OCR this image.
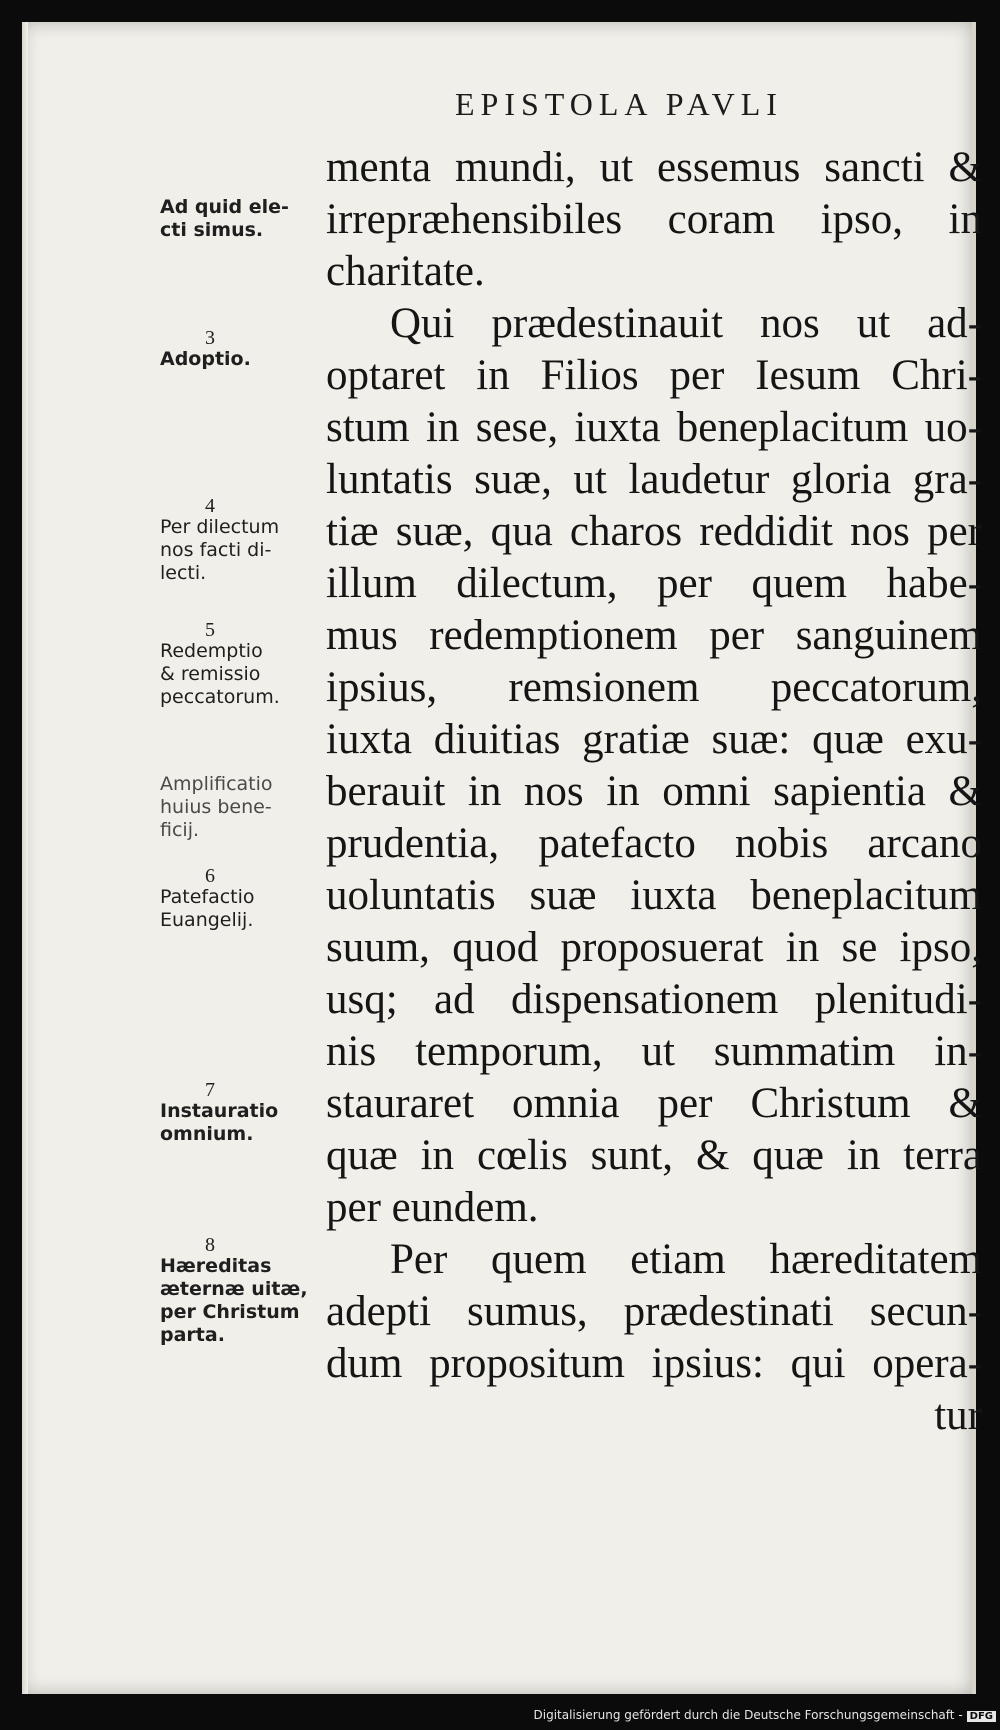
EPISTOLA PAVLI
menta mundi, ut essemus sancti &
irrepræhensibiles coram ipso, in
charitate.
Qui prædestinauit nos ut ad-
optaret in Filios per Iesum Chri-
stum in sese, iuxta beneplacitum uo-
luntatis suæ, ut laudetur gloria gra-
tiæ suæ, qua charos reddidit nos per
illum dilectum, per quem habe-
mus redemptionem per sanguinem
ipsius, remsionem peccatorum,
iuxta diuitias gratiæ suæ: quæ exu-
berauit in nos in omni sapientia &
prudentia, patefacto nobis arcano
uoluntatis suæ iuxta beneplacitum
suum, quod proposuerat in se ipso,
usq; ad dispensationem plenitudi-
nis temporum, ut summatim in-
stauraret omnia per Christum &
quæ in cœlis sunt, & quæ in terra
per eundem.
Per quem etiam hæreditatem
adepti sumus, prædestinati secun-
dum propositum ipsius: qui opera-
tur
Ad quid ele-
cti simus.
3
Adoptio.
4
Per dilectum
nos facti di-
lecti.
5
Redemptio
& remissio
peccatorum.
Amplificatio
huius bene-
ficij.
6
Patefactio
Euangelij.
7
Instauratio
omnium.
8
Hæreditas
æternæ uitæ,
per Christum
parta.
Digitalisierung gefördert durch die Deutsche Forschungsgemeinschaft - DFG
